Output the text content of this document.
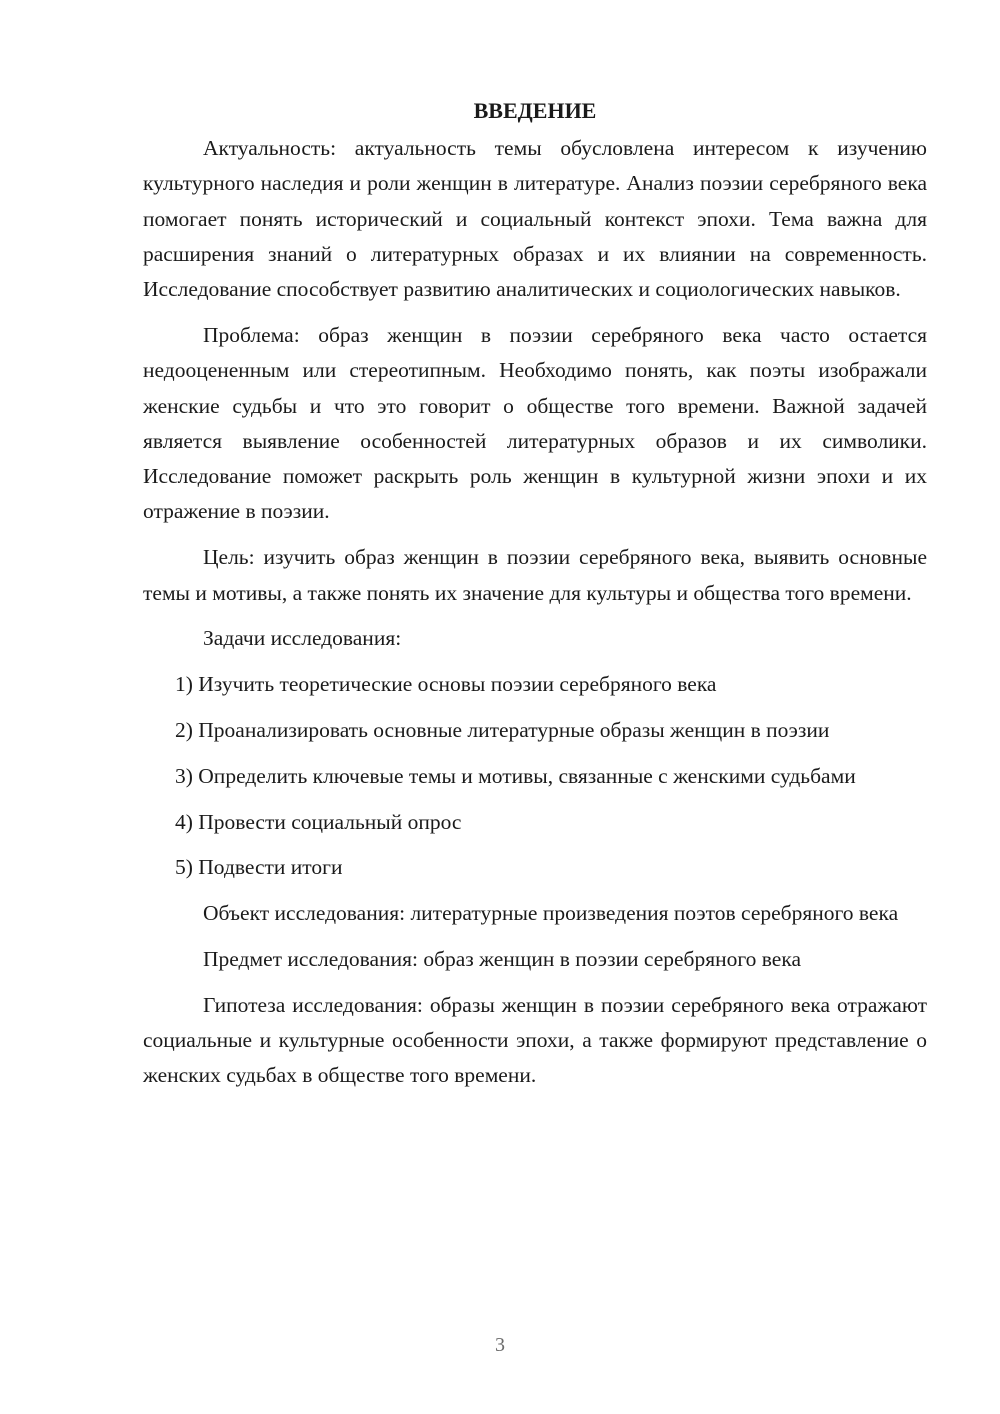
ВВЕДЕНИЕ

Актуальность: актуальность темы обусловлена интересом к изучению культурного наследия и роли женщин в литературе. Анализ поэзии серебряного века помогает понять исторический и социальный контекст эпохи. Тема важна для расширения знаний о литературных образах и их влиянии на современность. Исследование способствует развитию аналитических и социологических навыков.

Проблема: образ женщин в поэзии серебряного века часто остается недооцененным или стереотипным. Необходимо понять, как поэты изображали женские судьбы и что это говорит о обществе того времени. Важной задачей является выявление особенностей литературных образов и их символики. Исследование поможет раскрыть роль женщин в культурной жизни эпохи и их отражение в поэзии.

Цель: изучить образ женщин в поэзии серебряного века, выявить основные темы и мотивы, а также понять их значение для культуры и общества того времени.

Задачи исследования:

1) Изучить теоретические основы поэзии серебряного века

2) Проанализировать основные литературные образы женщин в поэзии

3) Определить ключевые темы и мотивы, связанные с женскими судьбами

4) Провести социальный опрос

5) Подвести итоги

Объект исследования: литературные произведения поэтов серебряного века

Предмет исследования: образ женщин в поэзии серебряного века

Гипотеза исследования: образы женщин в поэзии серебряного века отражают социальные и культурные особенности эпохи, а также формируют представление о женских судьбах в обществе того времени.

3
